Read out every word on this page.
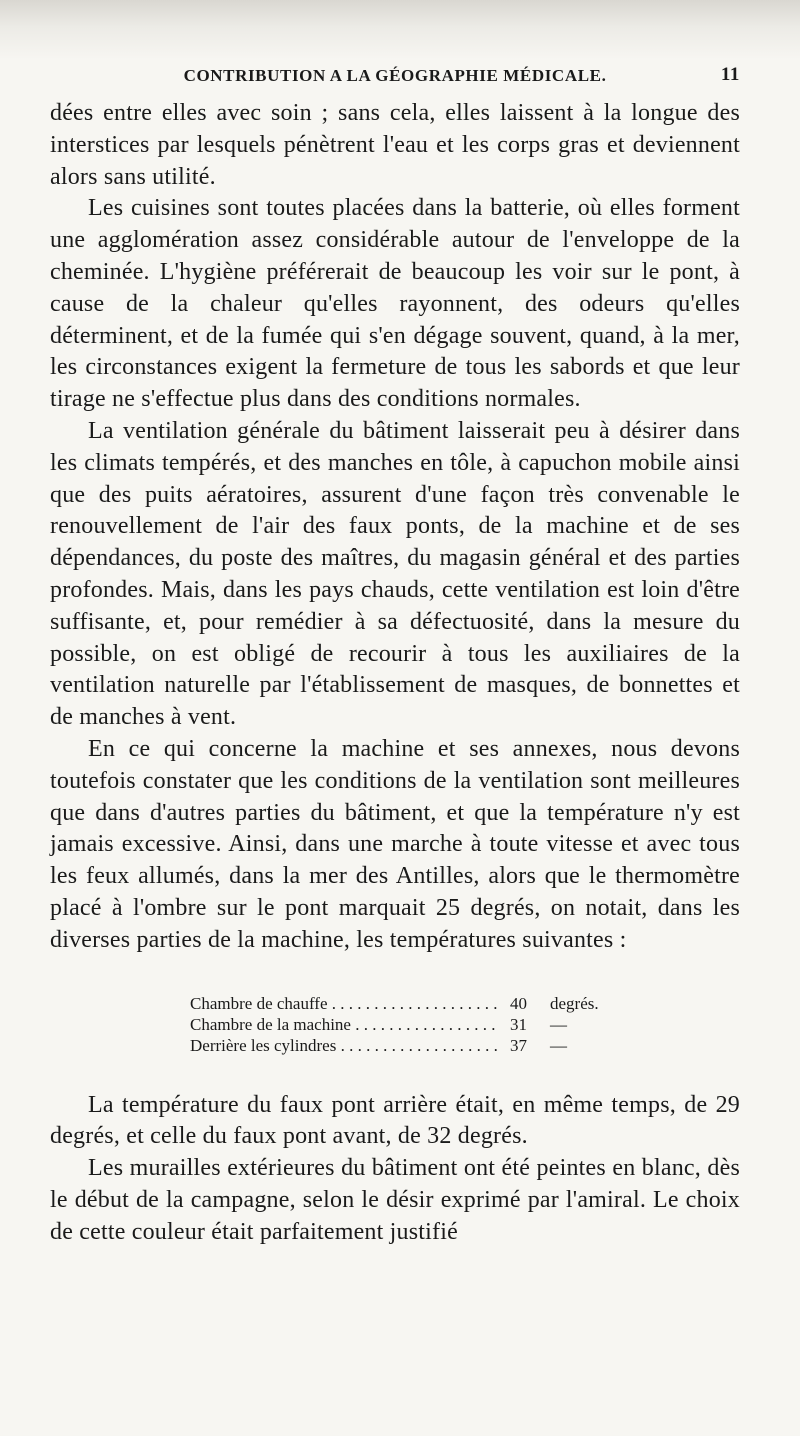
CONTRIBUTION A LA GÉOGRAPHIE MÉDICALE.	11

dées entre elles avec soin ; sans cela, elles laissent à la longue des interstices par lesquels pénètrent l'eau et les corps gras et deviennent alors sans utilité.

Les cuisines sont toutes placées dans la batterie, où elles forment une agglomération assez considérable autour de l'enveloppe de la cheminée. L'hygiène préférerait de beaucoup les voir sur le pont, à cause de la chaleur qu'elles rayonnent, des odeurs qu'elles déterminent, et de la fumée qui s'en dégage souvent, quand, à la mer, les circonstances exigent la fermeture de tous les sabords et que leur tirage ne s'effectue plus dans des conditions normales.

La ventilation générale du bâtiment laisserait peu à désirer dans les climats tempérés, et des manches en tôle, à capuchon mobile ainsi que des puits aératoires, assurent d'une façon très convenable le renouvellement de l'air des faux ponts, de la machine et de ses dépendances, du poste des maîtres, du magasin général et des parties profondes. Mais, dans les pays chauds, cette ventilation est loin d'être suffisante, et, pour remédier à sa défectuosité, dans la mesure du possible, on est obligé de recourir à tous les auxiliaires de la ventilation naturelle par l'établissement de masques, de bonnettes et de manches à vent.

En ce qui concerne la machine et ses annexes, nous devons toutefois constater que les conditions de la ventilation sont meilleures que dans d'autres parties du bâtiment, et que la température n'y est jamais excessive. Ainsi, dans une marche à toute vitesse et avec tous les feux allumés, dans la mer des Antilles, alors que le thermomètre placé à l'ombre sur le pont marquait 25 degrés, on notait, dans les diverses parties de la machine, les températures suivantes :

Chambre de chauffe . . .	40	degrés.
Chambre de la machine . . .	31	—
Derrière les cylindres . . .	37	—

La température du faux pont arrière était, en même temps, de 29 degrés, et celle du faux pont avant, de 32 degrés.

Les murailles extérieures du bâtiment ont été peintes en blanc, dès le début de la campagne, selon le désir exprimé par l'amiral. Le choix de cette couleur était parfaitement justifié
